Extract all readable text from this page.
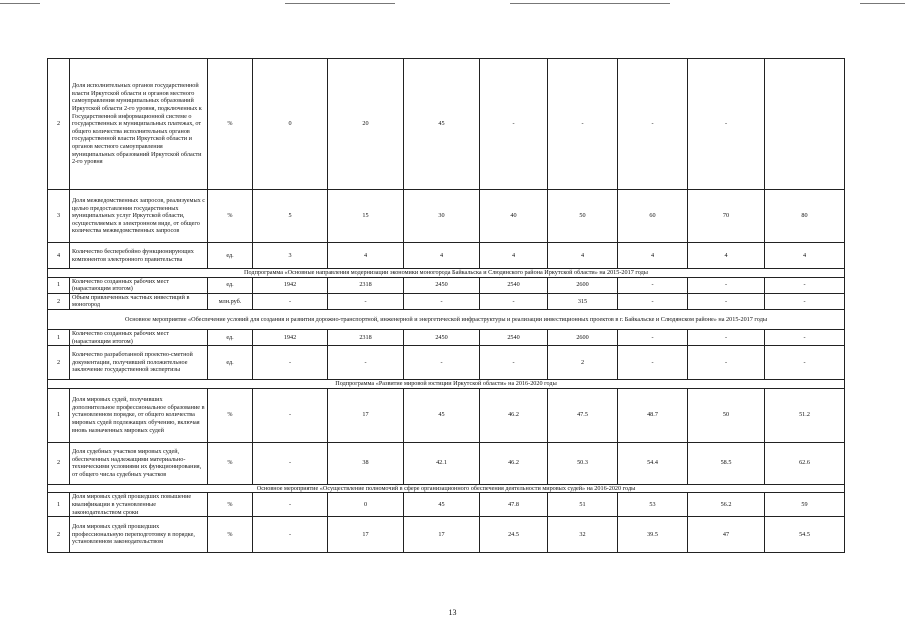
2	Доля исполнительных органов государственной власти Иркутской области и органов местного самоуправления муниципальных образований Иркутской области 2-го уровня, подключенных к Государственной информационной системе о государственных и муниципальных платежах, от общего количества исполнительных органов государственной власти Иркутской области и органов местного самоуправления муниципальных образований Иркутской области 2-го уровня	%	0	20	45	-	-	-	-	
3	Доля межведомственных запросов, реализуемых с целью предоставления государственных муниципальных услуг Иркутской области, осуществляемых в электронном виде, от общего количества межведомственных запросов	%	5	15	30	40	50	60	70	80
4	Количество бесперебойно функционирующих компонентов электронного правительства	ед.	3	4	4	4	4	4	4	4
Подпрограмма «Основные направления модернизации экономики моногорода Байкальска и Слюдянского района Иркутской области» на 2015-2017 годы										
1	Количество созданных рабочих мест (нарастающим итогом)	ед.	1942	2318	2450	2540	2600	-	-	-
2	Объем привлеченных частных инвестиций в моногород	млн.руб.	-	-	-	-	315	-	-	-
Основное мероприятие «Обеспечение условий для создания и развития дорожно-транспортной, инженерной и энергетической инфраструктуры и реализации инвестиционных проектов в г. Байкальске и Слюдянском районе» на 2015-2017 годы										
1	Количество созданных рабочих мест (нарастающим итогом)	ед.	1942	2318	2450	2540	2600	-	-	-
2	Количество разработанной проектно-сметной документации, получившей положительное заключение государственной экспертизы	ед.	-	-	-	-	2	-	-	-
Подпрограмма «Развитие мировой юстиции Иркутской области» на 2016-2020 годы										
1	Доля мировых судей, получивших дополнительное профессиональное образование в установленном порядке, от общего количества мировых судей подлежащих обучению, включая вновь назначенных мировых судей	%	-	17	45	46.2	47.5	48.7	50	51.2
2	Доля судебных участков мировых судей, обеспеченных надлежащими материально-техническими условиями их функционирования, от общего числа судебных участков	%	-	38	42.1	46.2	50.3	54.4	58.5	62.6
Основное мероприятие «Осуществление полномочий в сфере организационного обеспечения деятельности мировых судей» на 2016-2020 годы										
1	Доля мировых судей прошедших повышение квалификации в установленные законодательством сроки	%	-	0	45	47.8	51	53	56.2	59
2	Доля мировых судей прошедших профессиональную переподготовку в порядке, установленном законодательством	%	-	17	17	24.5	32	39.5	47	54.5
13
